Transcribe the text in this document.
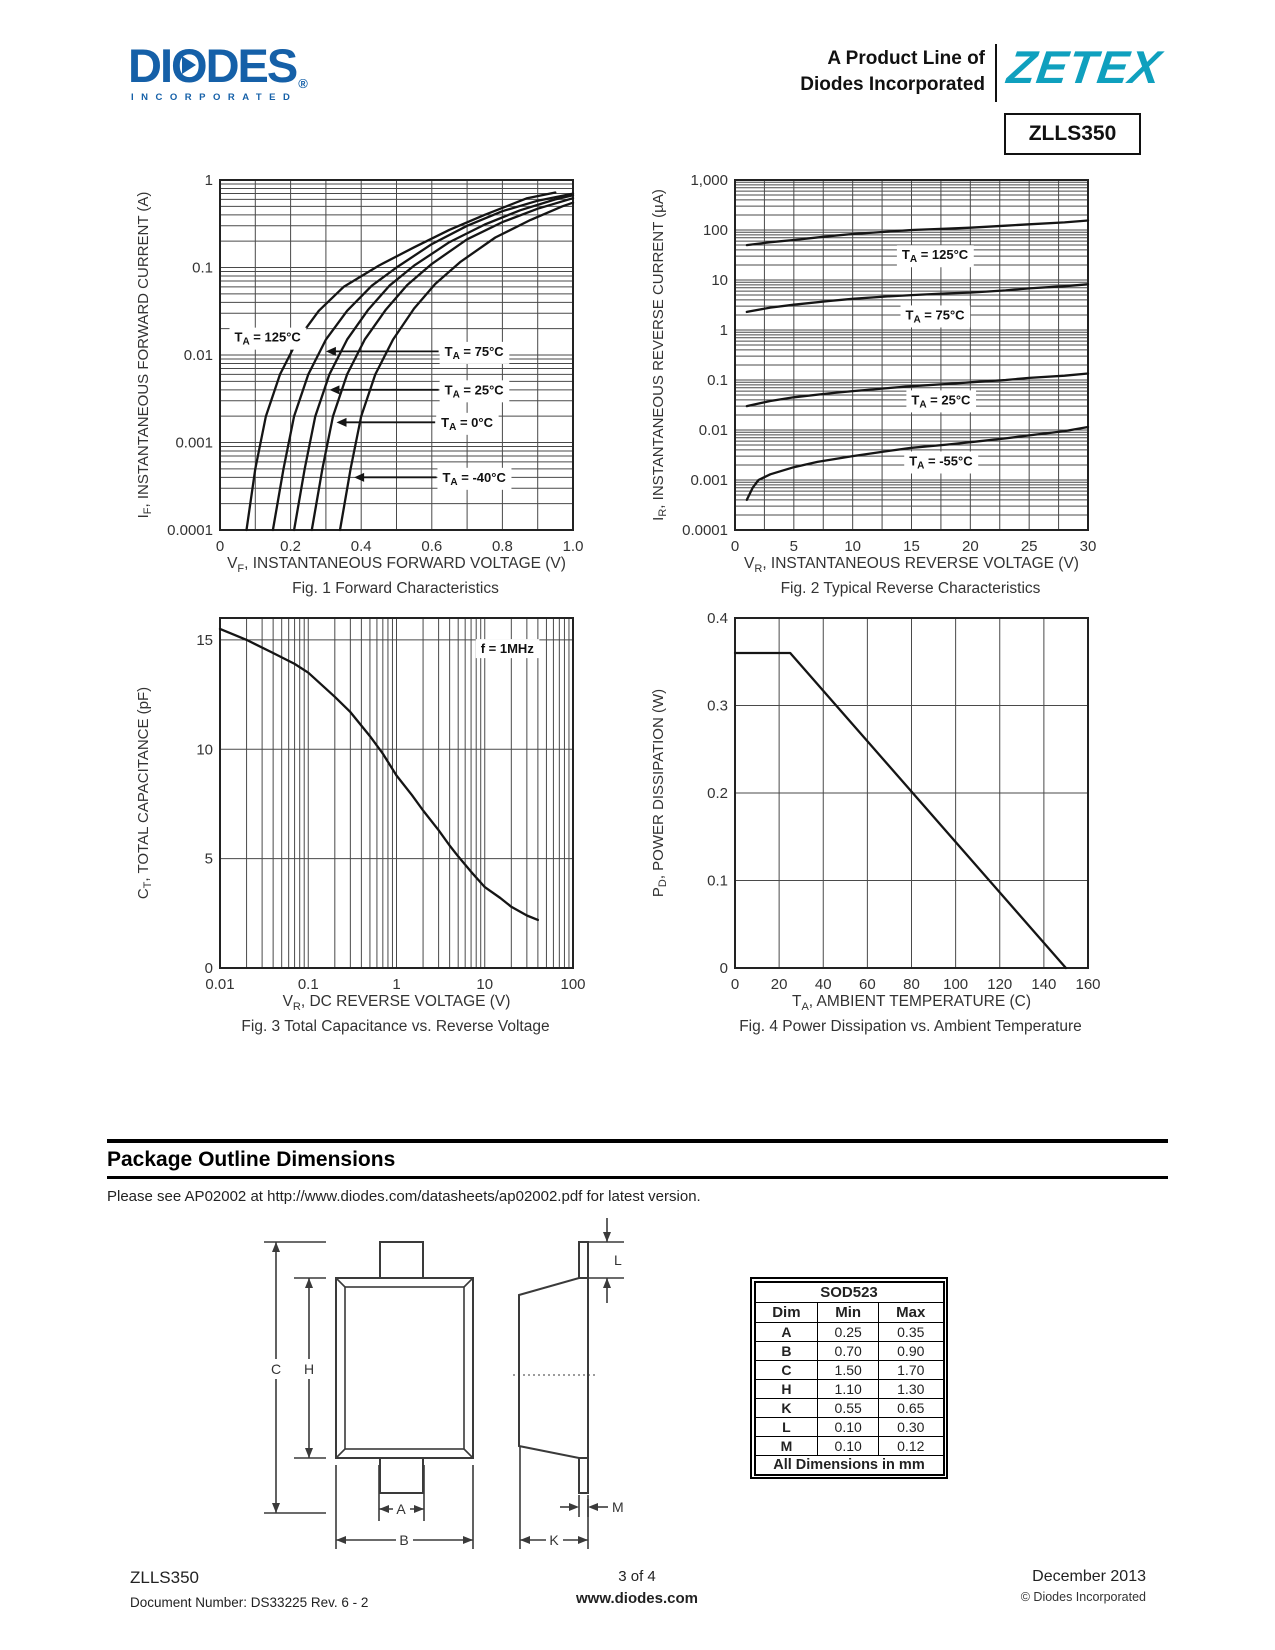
DIODES ®
INCORPORATED
A Product Line of
Diodes Incorporated ZETEX
ZLLS350
0	0.2	0.4	0.6	0.8	1.0
1
0.1
0.01
0.001
0.0001
$T_A = 125^\circ C$
$T_A = 75^\circ C$
$T_A = 25^\circ C$
$T_A = 0^\circ C$
$T_A = -40^\circ C$
$I_F$, INSTANTANEOUS FORWARD CURRENT (A)
$V_F$, INSTANTANEOUS FORWARD VOLTAGE (V)
Fig. 1 Forward Characteristics
0	5	10	15	20	25	30
1,000
100
10
1
0.1
0.01
0.001
0.0001
$T_A = 125^\circ C$
$T_A = 75^\circ C$
$T_A = 25^\circ C$
$T_A = -55^\circ C$
$I_R$, INSTANTANEOUS REVERSE CURRENT (µA)
$V_R$, INSTANTANEOUS REVERSE VOLTAGE (V)
Fig. 2 Typical Reverse Characteristics
0.01	0.1	1	10	100
0
5
10
15	f = 1MHz
$C_T$, TOTAL CAPACITANCE (pF)
$V_R$, DC REVERSE VOLTAGE (V)
Fig. 3 Total Capacitance vs. Reverse Voltage
0 20 40 60 80 100 120 140 160
0
0.1
0.2
0.3
0.4
$P_D$, POWER DISSIPATION (W)
$T_A$, AMBIENT TEMPERATURE (C)
Fig. 4 Power Dissipation vs. Ambient Temperature
Package Outline Dimensions
Please see AP02002 at http://www.diodes.com/datasheets/ap02002.pdf for latest version.
C H
A
B
L
M
K
SOD523		
Dim	Min	Max
A	0.25	0.35
B	0.70	0.90
C	1.50	1.70
H	1.10	1.30
K	0.55	0.65
L	0.10	0.30
M	0.10	0.12
All Dimensions in mm		
ZLLS350
Document Number: DS33225 Rev. 6 - 2
3 of 4
www.diodes.com
December 2013
© Diodes Incorporated
